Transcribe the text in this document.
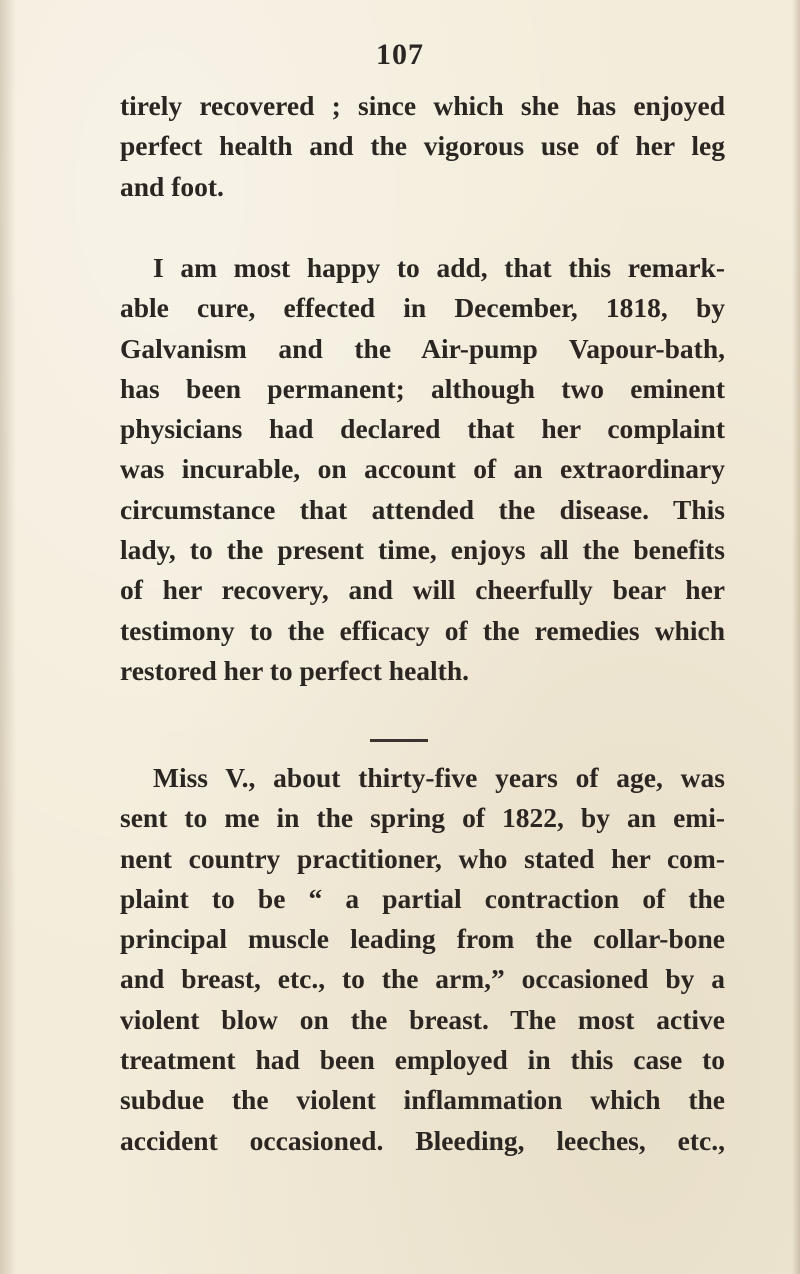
107
tirely recovered ; since which she has enjoyed
perfect health and the vigorous use of her leg
and foot.
I am most happy to add, that this remark-
able cure, effected in December, 1818, by
Galvanism and the Air-pump Vapour-bath,
has been permanent; although two eminent
physicians had declared that her complaint
was incurable, on account of an extraordinary
circumstance that attended the disease. This
lady, to the present time, enjoys all the benefits
of her recovery, and will cheerfully bear her
testimony to the efficacy of the remedies which
restored her to perfect health.
Miss V., about thirty-five years of age, was
sent to me in the spring of 1822, by an emi-
nent country practitioner, who stated her com-
plaint to be “ a partial contraction of the
principal muscle leading from the collar-bone
and breast, etc., to the arm,” occasioned by a
violent blow on the breast. The most active
treatment had been employed in this case to
subdue the violent inflammation which the
accident occasioned. Bleeding, leeches, etc.,
